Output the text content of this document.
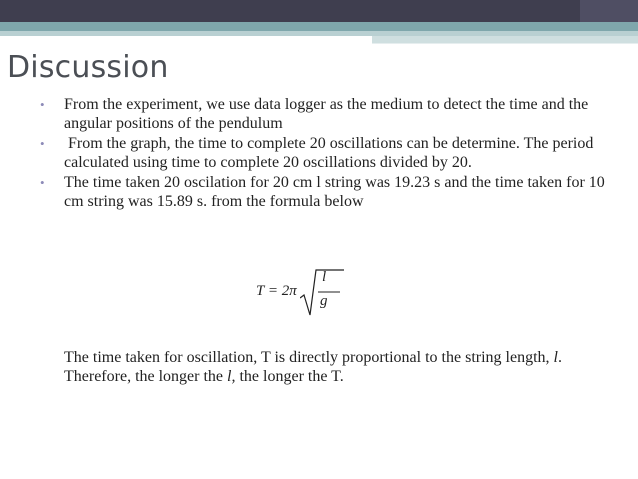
Discussion
• From the experiment, we use data logger as the medium to detect the time and the angular positions of the pendulum
• From the graph, the time to complete 20 oscillations can be determine. The period calculated using time to complete 20 oscillations divided by 20.
• The time taken 20 oscilation for 20 cm l string was 19.23 s and the time taken for 10 cm string was 15.89 s. from the formula below
T = 2π
l
g

The time taken for oscillation, T is directly proportional to the string length, l. Therefore, the longer the l, the longer the T.
